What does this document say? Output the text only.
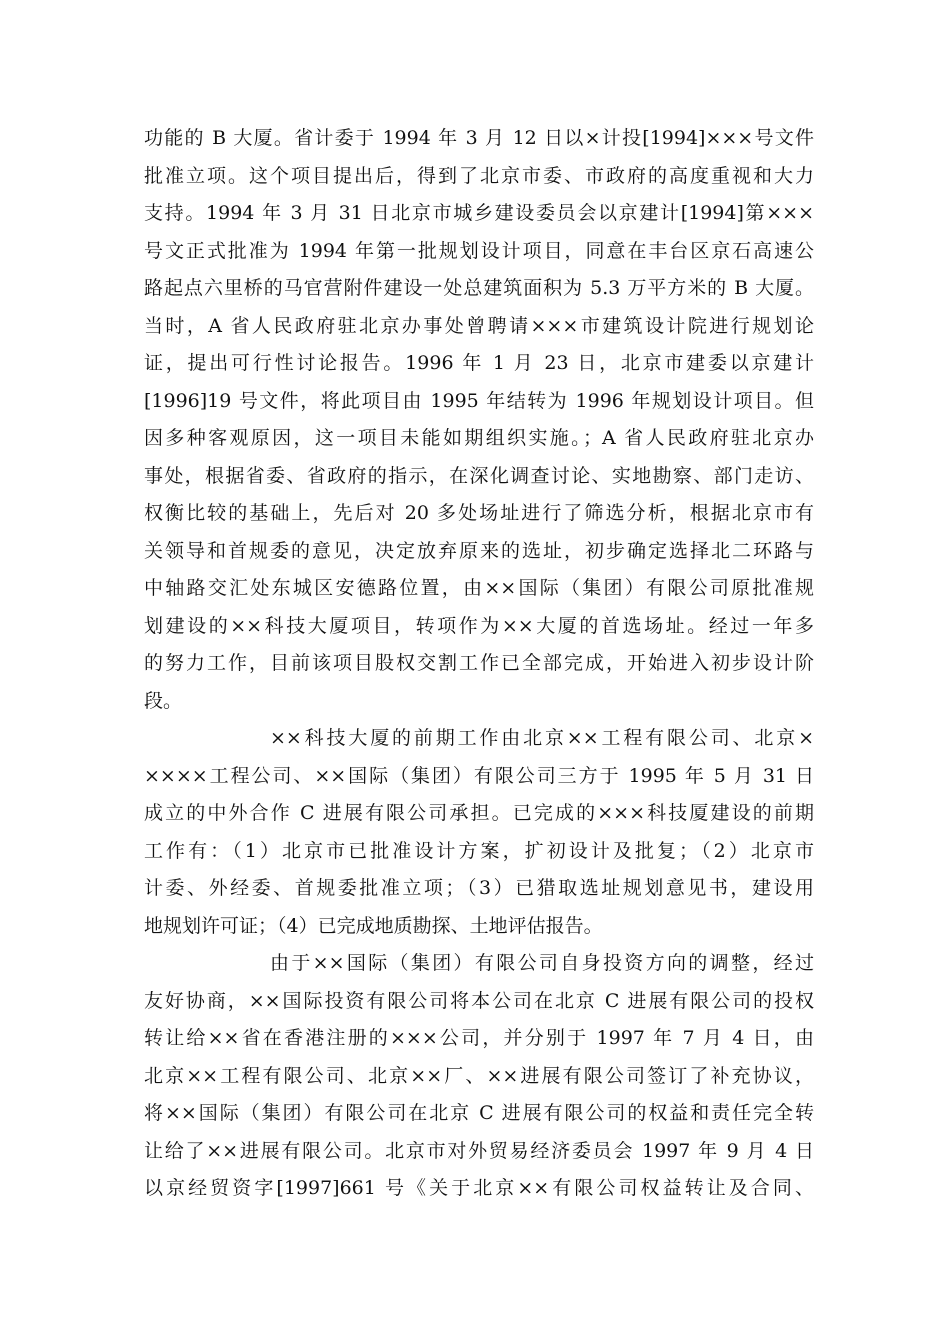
功能的 B 大厦。省计委于 1994 年 3 月 12 日以×计投[1994]×××号文件
批准立项。这个项目提出后，得到了北京市委、市政府的高度重视和大力
支持。1994 年 3 月 31 日北京市城乡建设委员会以京建计[1994]第×××
号文正式批准为 1994 年第一批规划设计项目，同意在丰台区京石高速公
路起点六里桥的马官营附件建设一处总建筑面积为 5.3 万平方米的 B 大厦。
当时，A 省人民政府驻北京办事处曾聘请×××市建筑设计院进行规划论
证，提出可行性讨论报告。1996 年 1 月 23 日，北京市建委以京建计
[1996]19 号文件，将此项目由 1995 年结转为 1996 年规划设计项目。但
因多种客观原因，这一项目未能如期组织实施。；A 省人民政府驻北京办
事处，根据省委、省政府的指示，在深化调查讨论、实地勘察、部门走访、
权衡比较的基础上，先后对 20 多处场址进行了筛选分析，根据北京市有
关领导和首规委的意见，决定放弃原来的选址，初步确定选择北二环路与
中轴路交汇处东城区安德路位置，由××国际（集团）有限公司原批准规
划建设的××科技大厦项目，转项作为××大厦的首选场址。经过一年多
的努力工作，目前该项目股权交割工作已全部完成，开始进入初步设计阶
段。
××科技大厦的前期工作由北京××工程有限公司、北京×
××××工程公司、××国际（集团）有限公司三方于 1995 年 5 月 31 日
成立的中外合作 C 进展有限公司承担。已完成的×××科技厦建设的前期
工作有：（1）北京市已批准设计方案，扩初设计及批复；（2）北京市
计委、外经委、首规委批准立项；（3）已猎取选址规划意见书，建设用
地规划许可证；（4）已完成地质勘探、土地评估报告。
由于××国际（集团）有限公司自身投资方向的调整，经过
友好协商，××国际投资有限公司将本公司在北京 C 进展有限公司的投权
转让给××省在香港注册的×××公司，并分别于 1997 年 7 月 4 日，由
北京××工程有限公司、北京××厂、××进展有限公司签订了补充协议，
将××国际（集团）有限公司在北京 C 进展有限公司的权益和责任完全转
让给了××进展有限公司。北京市对外贸易经济委员会 1997 年 9 月 4 日
以京经贸资字[1997]661 号《关于北京××有限公司权益转让及合同、
